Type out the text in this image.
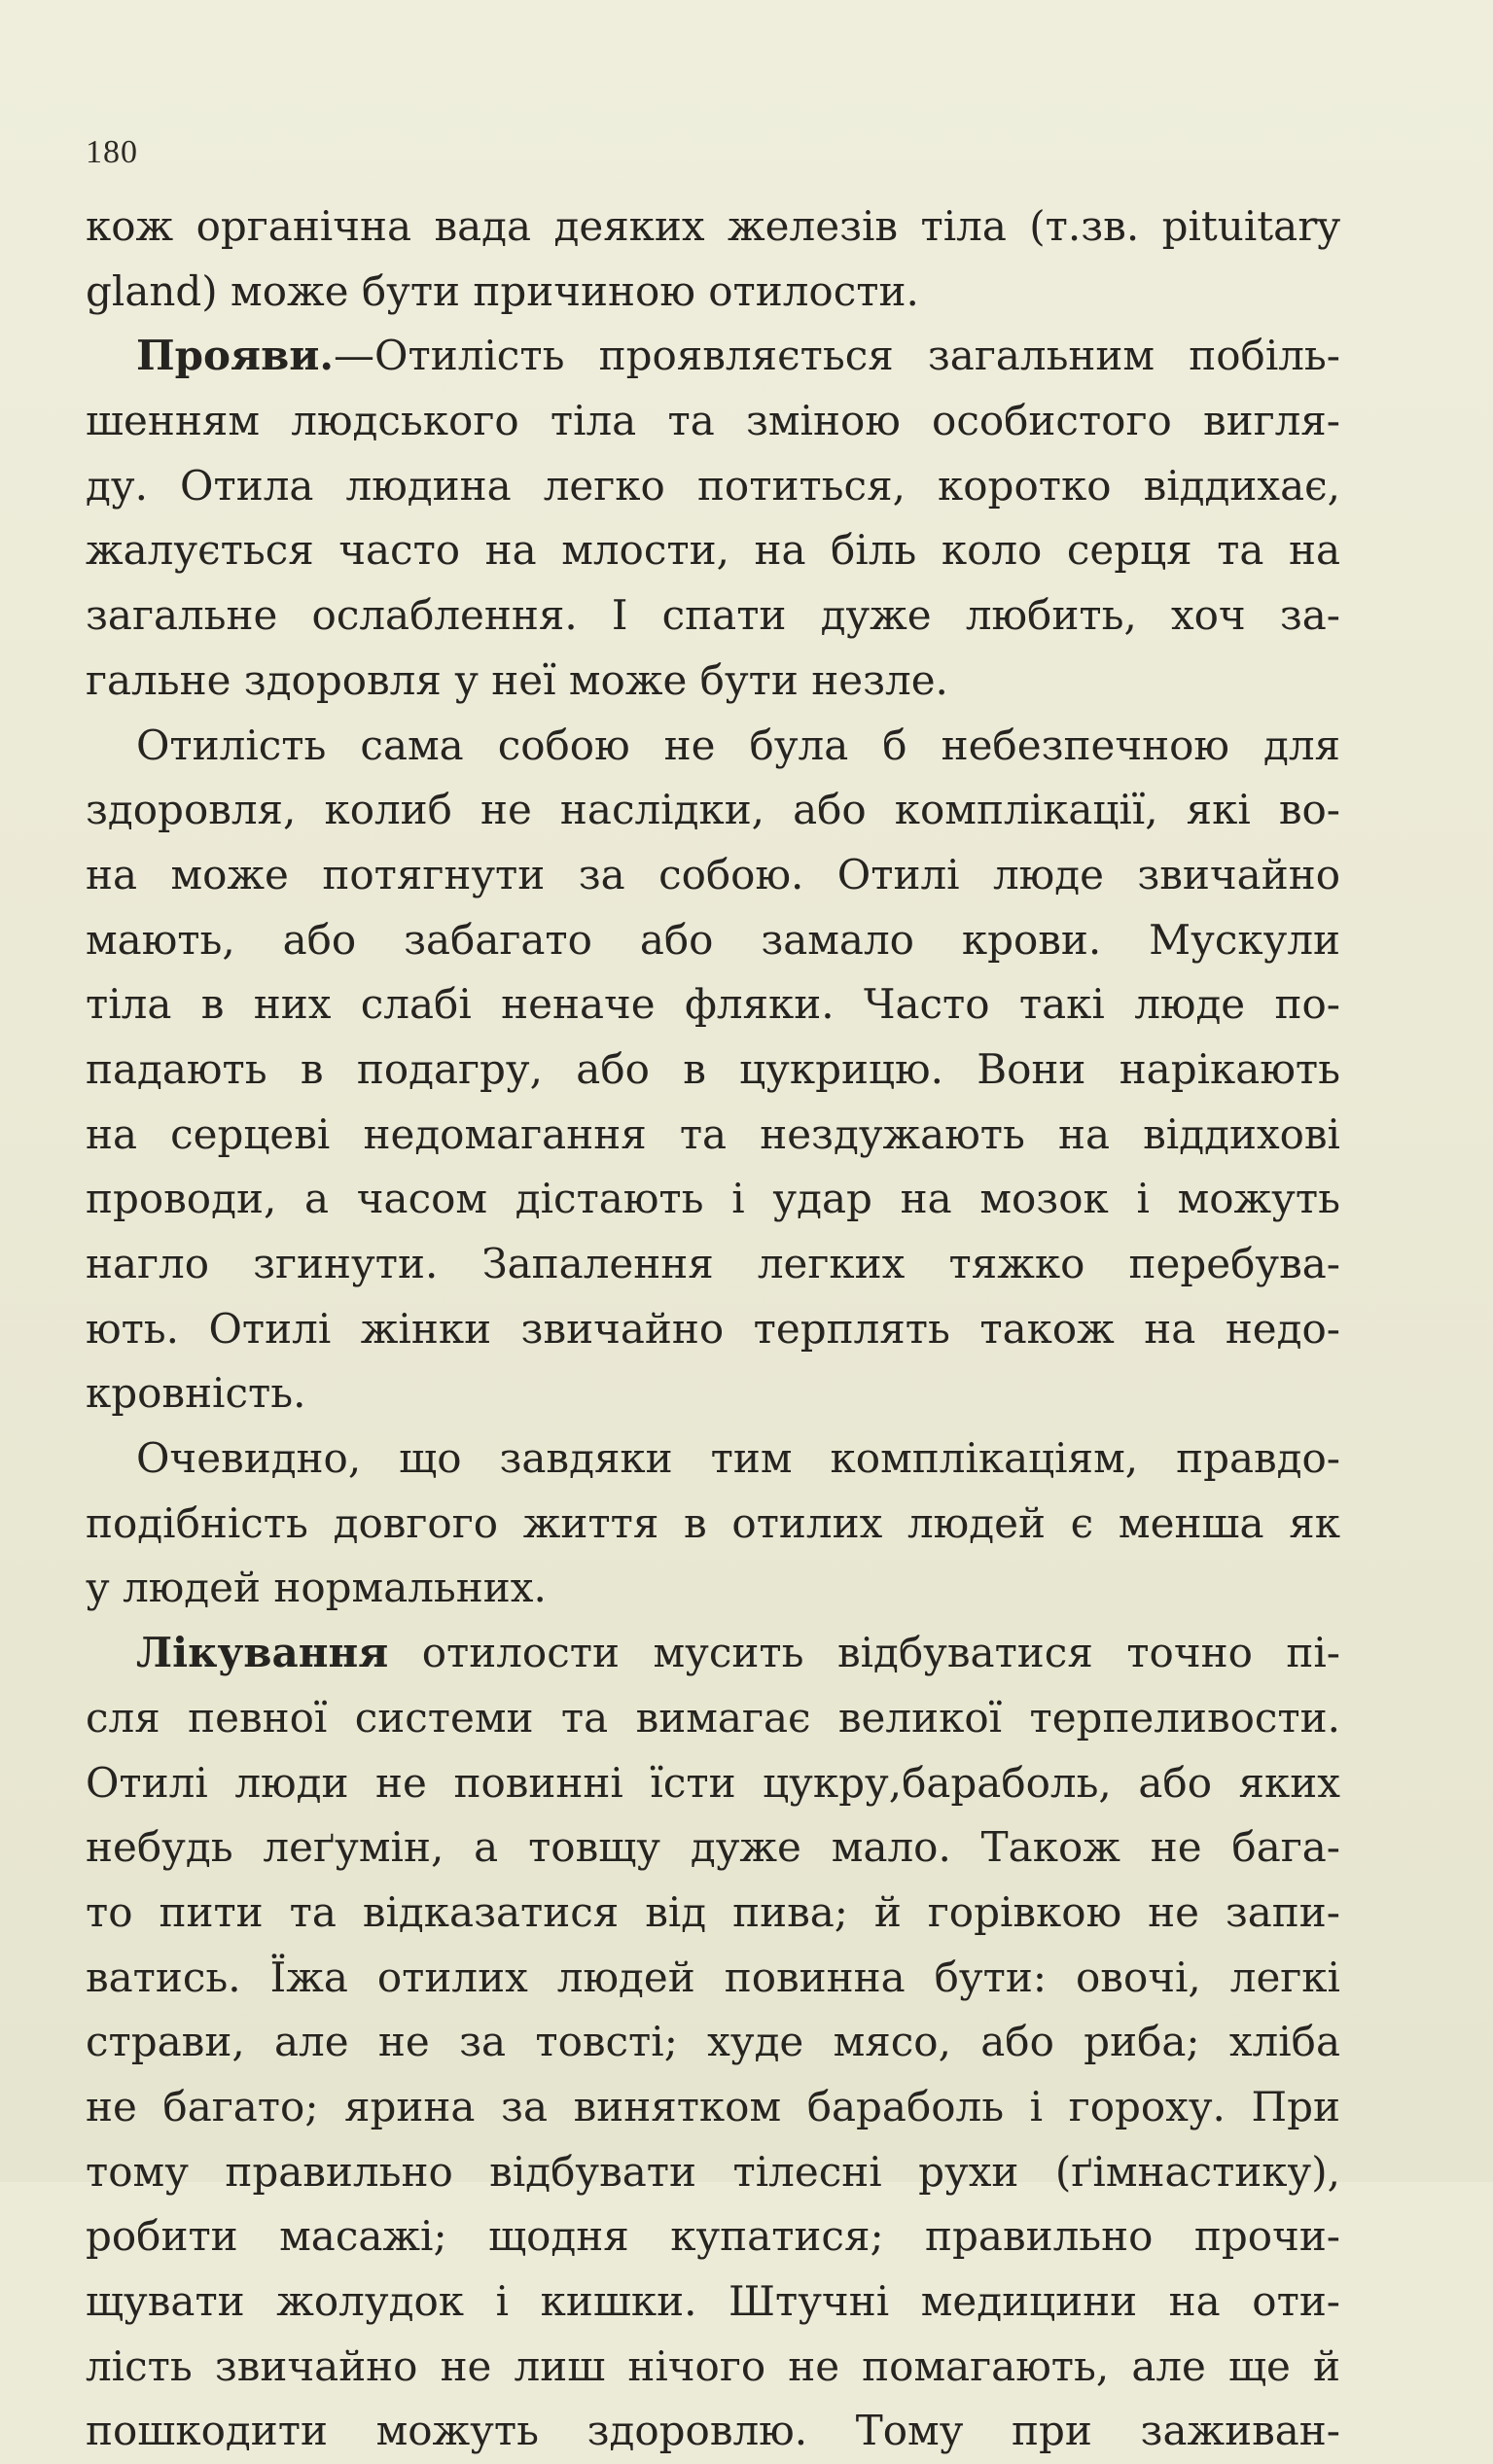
180
кож органічна вада деяких железів тіла (т.зв. pituitary
gland) може бути причиною отилости.
Прояви.—Отилість проявляється загальним побіль-
шенням людського тіла та зміною особистого вигля-
ду. Отила людина легко потиться, коротко віддихає,
жалується часто на млости, на біль коло серця та на
загальне ослаблення. І спати дуже любить, хоч за-
гальне здоровля у неї може бути незле.
Отилість сама собою не була б небезпечною для
здоровля, колиб не наслідки, або комплікації, які во-
на може потягнути за собою. Отилі люде звичайно
мають, або забагато або замало крови. Мускули
тіла в них слабі неначе фляки. Часто такі люде по-
падають в подагру, або в цукрицю. Вони нарікають
на серцеві недомагання та нездужають на віддихові
проводи, а часом дістають і удар на мозок і можуть
нагло згинути. Запалення легких тяжко перебува-
ють. Отилі жінки звичайно терплять також на недо-
кровність.
Очевидно, що завдяки тим комплікаціям, правдо-
подібність довгого життя в отилих людей є менша як
у людей нормальних.
Лікування отилости мусить відбуватися точно пі-
сля певної системи та вимагає великої терпеливости.
Отилі люди не повинні їсти цукру,бараболь, або яких
небудь леґумін, а товщу дуже мало. Також не бага-
то пити та відказатися від пива; й горівкою не запи-
ватись. Їжа отилих людей повинна бути: овочі, легкі
страви, але не за товсті; худе мясо, або риба; хліба
не багато; ярина за винятком бараболь і гороху. При
тому правильно відбувати тілесні рухи (ґімнастику),
робити масажі; щодня купатися; правильно прочи-
щувати жолудок і кишки. Штучні медицини на оти-
лість звичайно не лиш нічого не помагають, але ще й
пошкодити можуть здоровлю. Тому при заживан-
